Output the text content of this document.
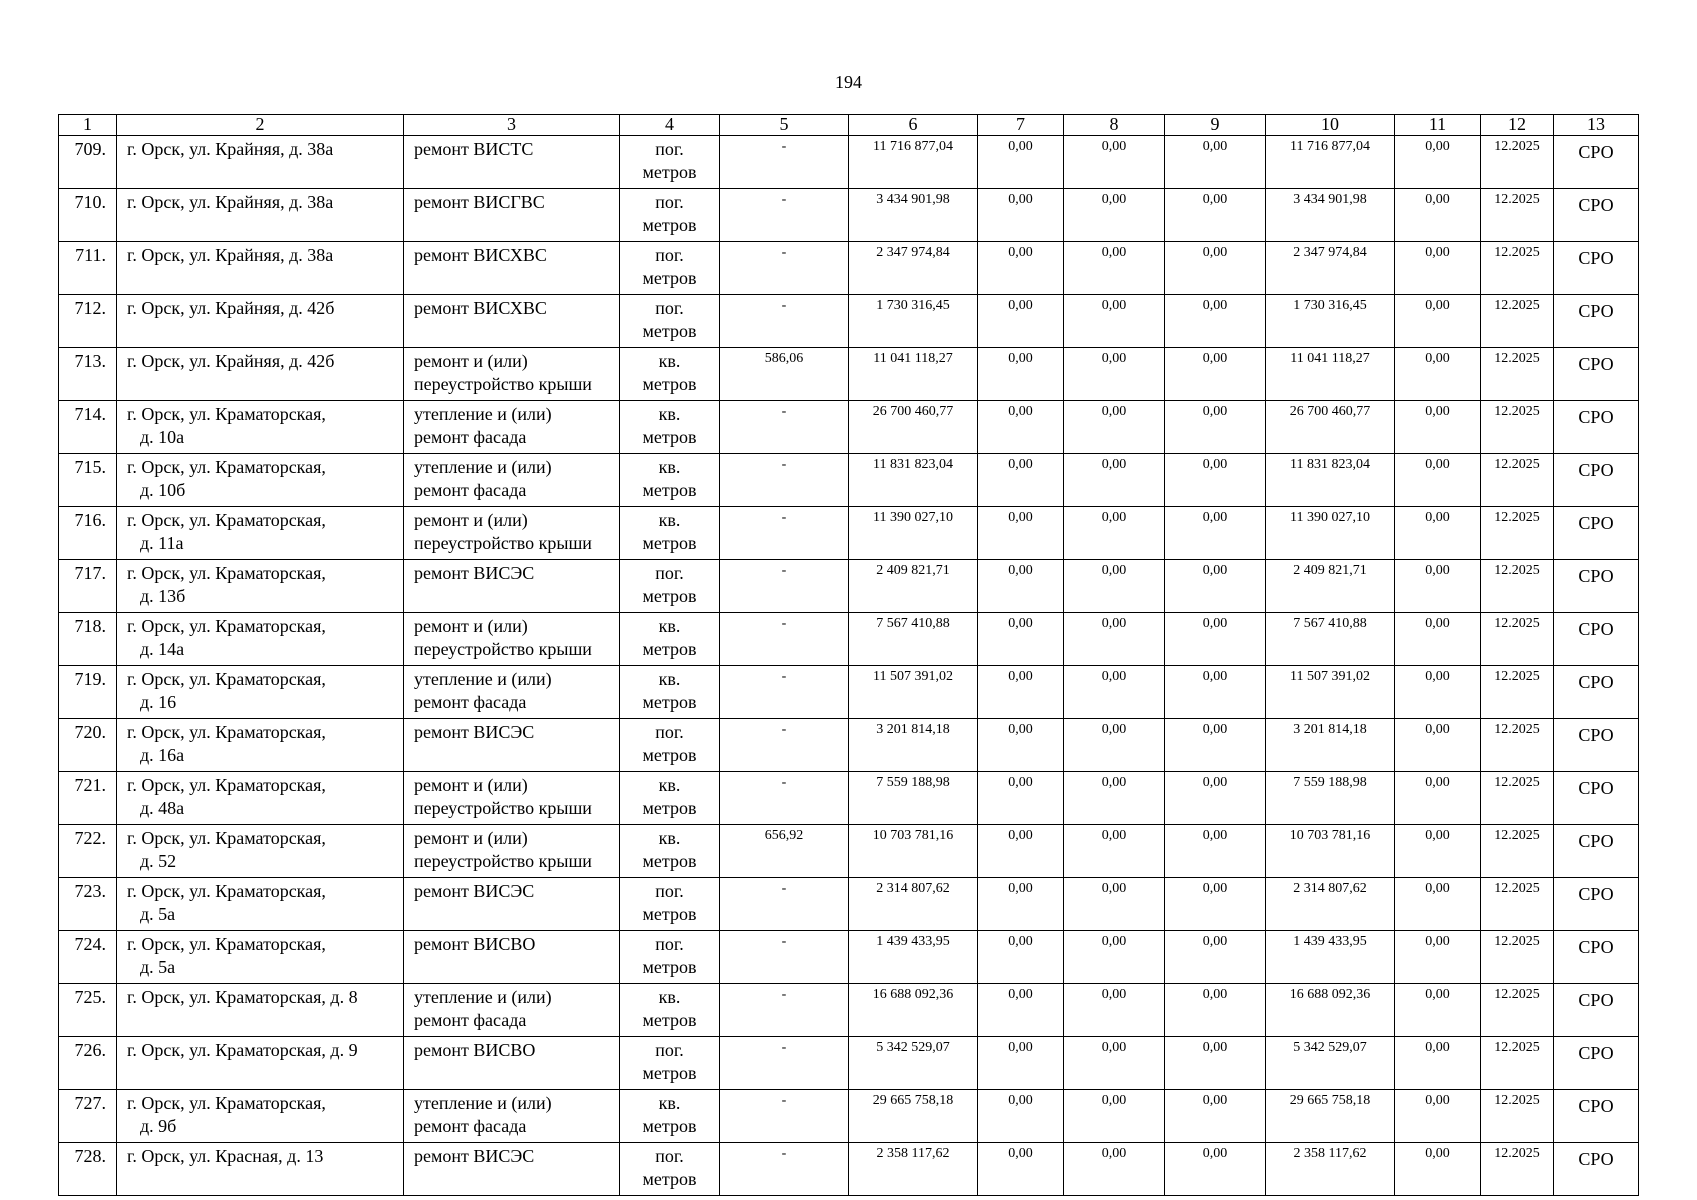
194
1	2	3	4	5	6	7	8	9	10	11	12	13
709.	г. Орск, ул. Крайняя, д. 38а	ремонт ВИСТС	пог.
метров	-	11 716 877,04	0,00	0,00	0,00	11 716 877,04	0,00	12.2025	СРО
710.	г. Орск, ул. Крайняя, д. 38а	ремонт ВИСГВС	пог.
метров	-	3 434 901,98	0,00	0,00	0,00	3 434 901,98	0,00	12.2025	СРО
711.	г. Орск, ул. Крайняя, д. 38а	ремонт ВИСХВС	пог.
метров	-	2 347 974,84	0,00	0,00	0,00	2 347 974,84	0,00	12.2025	СРО
712.	г. Орск, ул. Крайняя, д. 42б	ремонт ВИСХВС	пог.
метров	-	1 730 316,45	0,00	0,00	0,00	1 730 316,45	0,00	12.2025	СРО
713.	г. Орск, ул. Крайняя, д. 42б	ремонт и (или)
переустройство крыши	кв.
метров	586,06	11 041 118,27	0,00	0,00	0,00	11 041 118,27	0,00	12.2025	СРО
714.	г. Орск, ул. Краматорская,
д. 10а	утепление и (или)
ремонт фасада	кв.
метров	-	26 700 460,77	0,00	0,00	0,00	26 700 460,77	0,00	12.2025	СРО
715.	г. Орск, ул. Краматорская,
д. 10б	утепление и (или)
ремонт фасада	кв.
метров	-	11 831 823,04	0,00	0,00	0,00	11 831 823,04	0,00	12.2025	СРО
716.	г. Орск, ул. Краматорская,
д. 11а	ремонт и (или)
переустройство крыши	кв.
метров	-	11 390 027,10	0,00	0,00	0,00	11 390 027,10	0,00	12.2025	СРО
717.	г. Орск, ул. Краматорская,
д. 13б	ремонт ВИСЭС	пог.
метров	-	2 409 821,71	0,00	0,00	0,00	2 409 821,71	0,00	12.2025	СРО
718.	г. Орск, ул. Краматорская,
д. 14а	ремонт и (или)
переустройство крыши	кв.
метров	-	7 567 410,88	0,00	0,00	0,00	7 567 410,88	0,00	12.2025	СРО
719.	г. Орск, ул. Краматорская,
д. 16	утепление и (или)
ремонт фасада	кв.
метров	-	11 507 391,02	0,00	0,00	0,00	11 507 391,02	0,00	12.2025	СРО
720.	г. Орск, ул. Краматорская,
д. 16а	ремонт ВИСЭС	пог.
метров	-	3 201 814,18	0,00	0,00	0,00	3 201 814,18	0,00	12.2025	СРО
721.	г. Орск, ул. Краматорская,
д. 48а	ремонт и (или)
переустройство крыши	кв.
метров	-	7 559 188,98	0,00	0,00	0,00	7 559 188,98	0,00	12.2025	СРО
722.	г. Орск, ул. Краматорская,
д. 52	ремонт и (или)
переустройство крыши	кв.
метров	656,92	10 703 781,16	0,00	0,00	0,00	10 703 781,16	0,00	12.2025	СРО
723.	г. Орск, ул. Краматорская,
д. 5а	ремонт ВИСЭС	пог.
метров	-	2 314 807,62	0,00	0,00	0,00	2 314 807,62	0,00	12.2025	СРО
724.	г. Орск, ул. Краматорская,
д. 5а	ремонт ВИСВО	пог.
метров	-	1 439 433,95	0,00	0,00	0,00	1 439 433,95	0,00	12.2025	СРО
725.	г. Орск, ул. Краматорская, д. 8	утепление и (или)
ремонт фасада	кв.
метров	-	16 688 092,36	0,00	0,00	0,00	16 688 092,36	0,00	12.2025	СРО
726.	г. Орск, ул. Краматорская, д. 9	ремонт ВИСВО	пог.
метров	-	5 342 529,07	0,00	0,00	0,00	5 342 529,07	0,00	12.2025	СРО
727.	г. Орск, ул. Краматорская,
д. 9б	утепление и (или)
ремонт фасада	кв.
метров	-	29 665 758,18	0,00	0,00	0,00	29 665 758,18	0,00	12.2025	СРО
728.	г. Орск, ул. Красная, д. 13	ремонт ВИСЭС	пог.
метров	-	2 358 117,62	0,00	0,00	0,00	2 358 117,62	0,00	12.2025	СРО
